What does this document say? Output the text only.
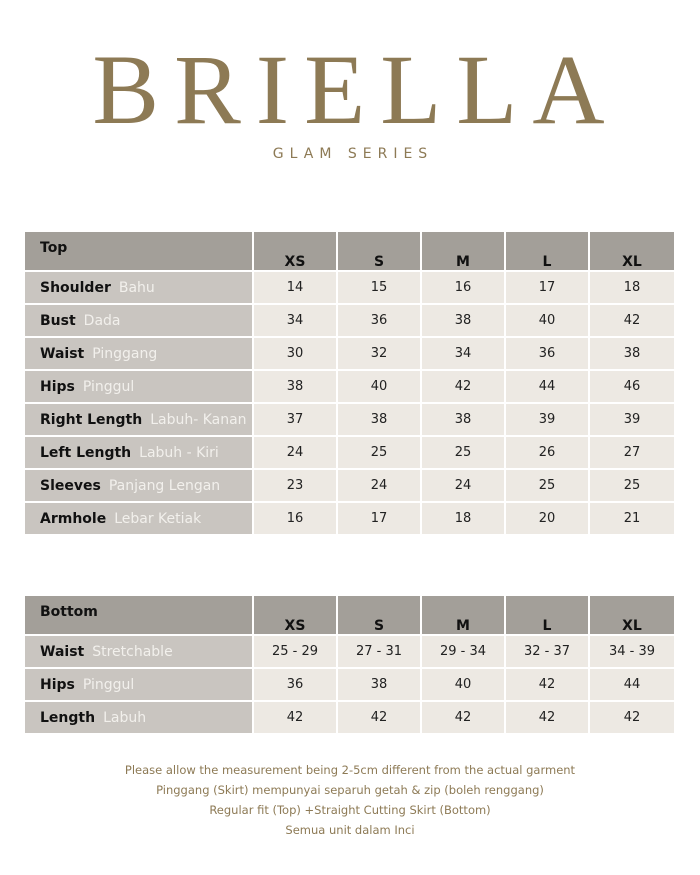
BRIELLA
GLAM SERIES
Top	XS	S	M	L	XL
Shoulder Bahu	14	15	16	17	18
Bust Dada	34	36	38	40	42
Waist Pinggang	30	32	34	36	38
Hips Pinggul	38	40	42	44	46
Right Length Labuh- Kanan	37	38	38	39	39
Left Length Labuh - Kiri	24	25	25	26	27
Sleeves Panjang Lengan	23	24	24	25	25
Armhole Lebar Ketiak	16	17	18	20	21
Bottom	XS	S	M	L	XL
Waist Stretchable	25 - 29	27 - 31	29 - 34	32 - 37	34 - 39
Hips Pinggul	36	38	40	42	44
Length Labuh	42	42	42	42	42
Please allow the measurement being 2-5cm different from the actual garment
Pinggang (Skirt) mempunyai separuh getah & zip (boleh renggang)
Regular fit (Top) +Straight Cutting Skirt (Bottom)
Semua unit dalam Inci
